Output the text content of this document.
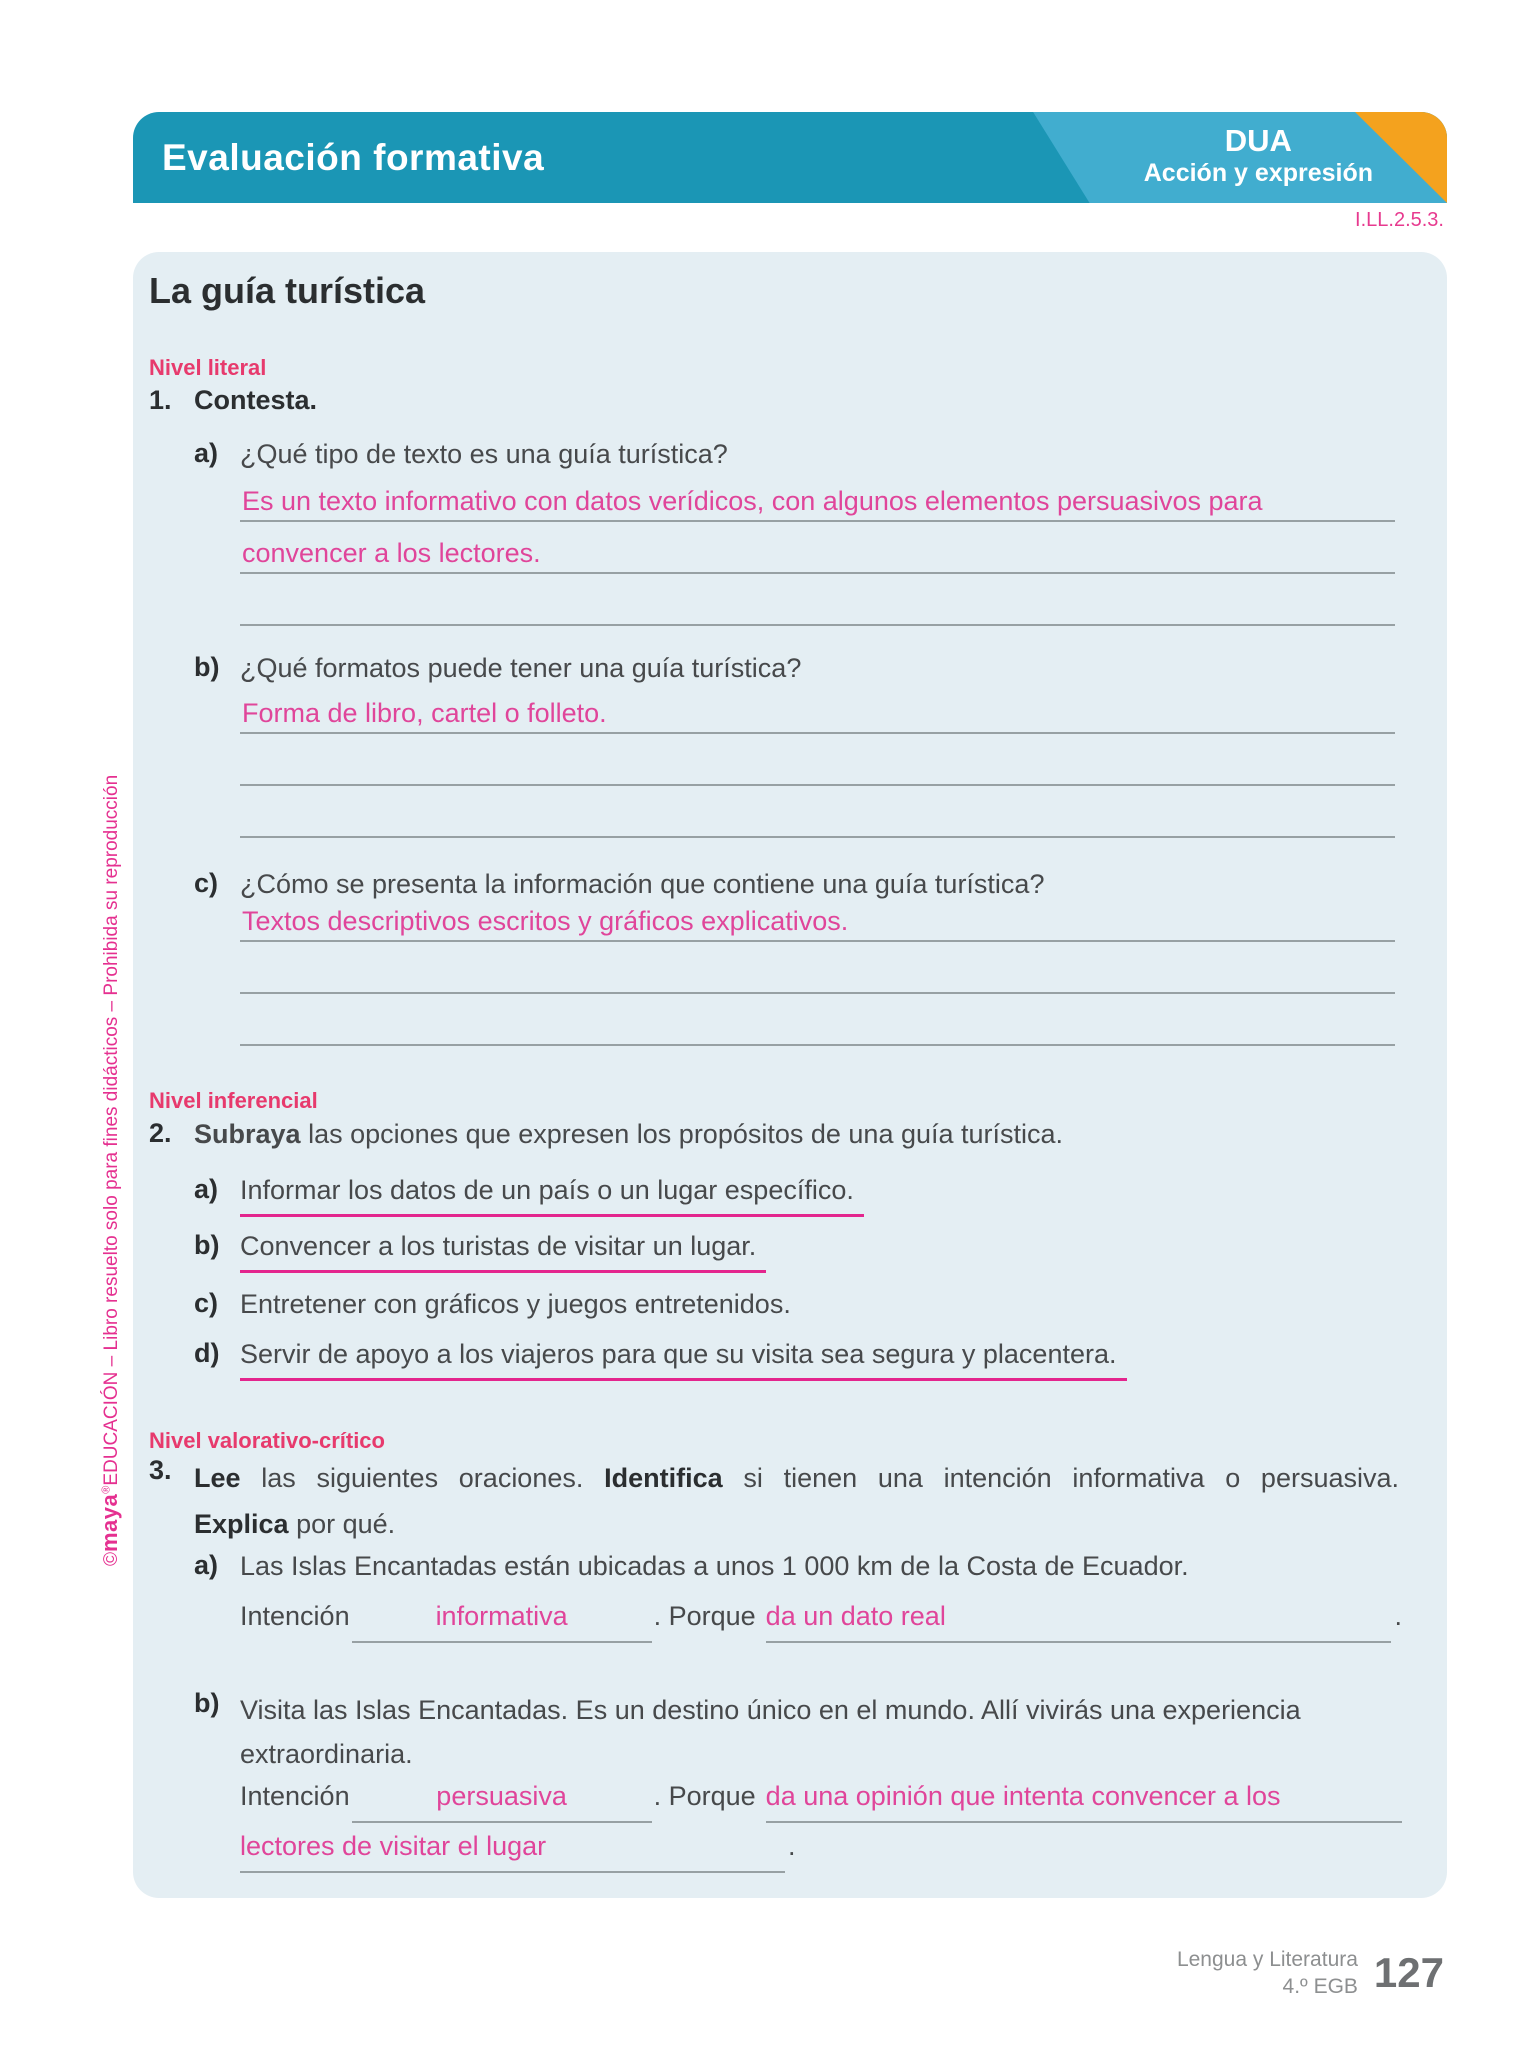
Evaluación formativa	DUA
Acción y expresión
I.LL.2.5.3.
©maya®EDUCACIÓN – Libro resuelto solo para fines didácticos – Prohibida su reproducción
La guía turística
Nivel literal
1. Contesta.
a) ¿Qué tipo de texto es una guía turística?
Es un texto informativo con datos verídicos, con algunos elementos persuasivos para
convencer a los lectores.
b) ¿Qué formatos puede tener una guía turística?
Forma de libro, cartel o folleto.
c) ¿Cómo se presenta la información que contiene una guía turística?
Textos descriptivos escritos y gráficos explicativos.
Nivel inferencial
2. Subraya las opciones que expresen los propósitos de una guía turística.
a) Informar los datos de un país o un lugar específico.
b) Convencer a los turistas de visitar un lugar.
c) Entretener con gráficos y juegos entretenidos.
d) Servir de apoyo a los viajeros para que su visita sea segura y placentera.
Nivel valorativo-crítico
3. Lee las siguientes oraciones. Identifica si tienen una intención informativa o persuasiva.
Explica por qué.
a) Las Islas Encantadas están ubicadas a unos 1 000 km de la Costa de Ecuador.
Intención	informativa	. Porque da un dato real	.
b) Visita las Islas Encantadas. Es un destino único en el mundo. Allí vivirás una experiencia extraordinaria.
Intención	persuasiva	. Porque da una opinión que intenta convencer a los
lectores de visitar el lugar	.
Lengua y Literatura
4.º EGB 127
